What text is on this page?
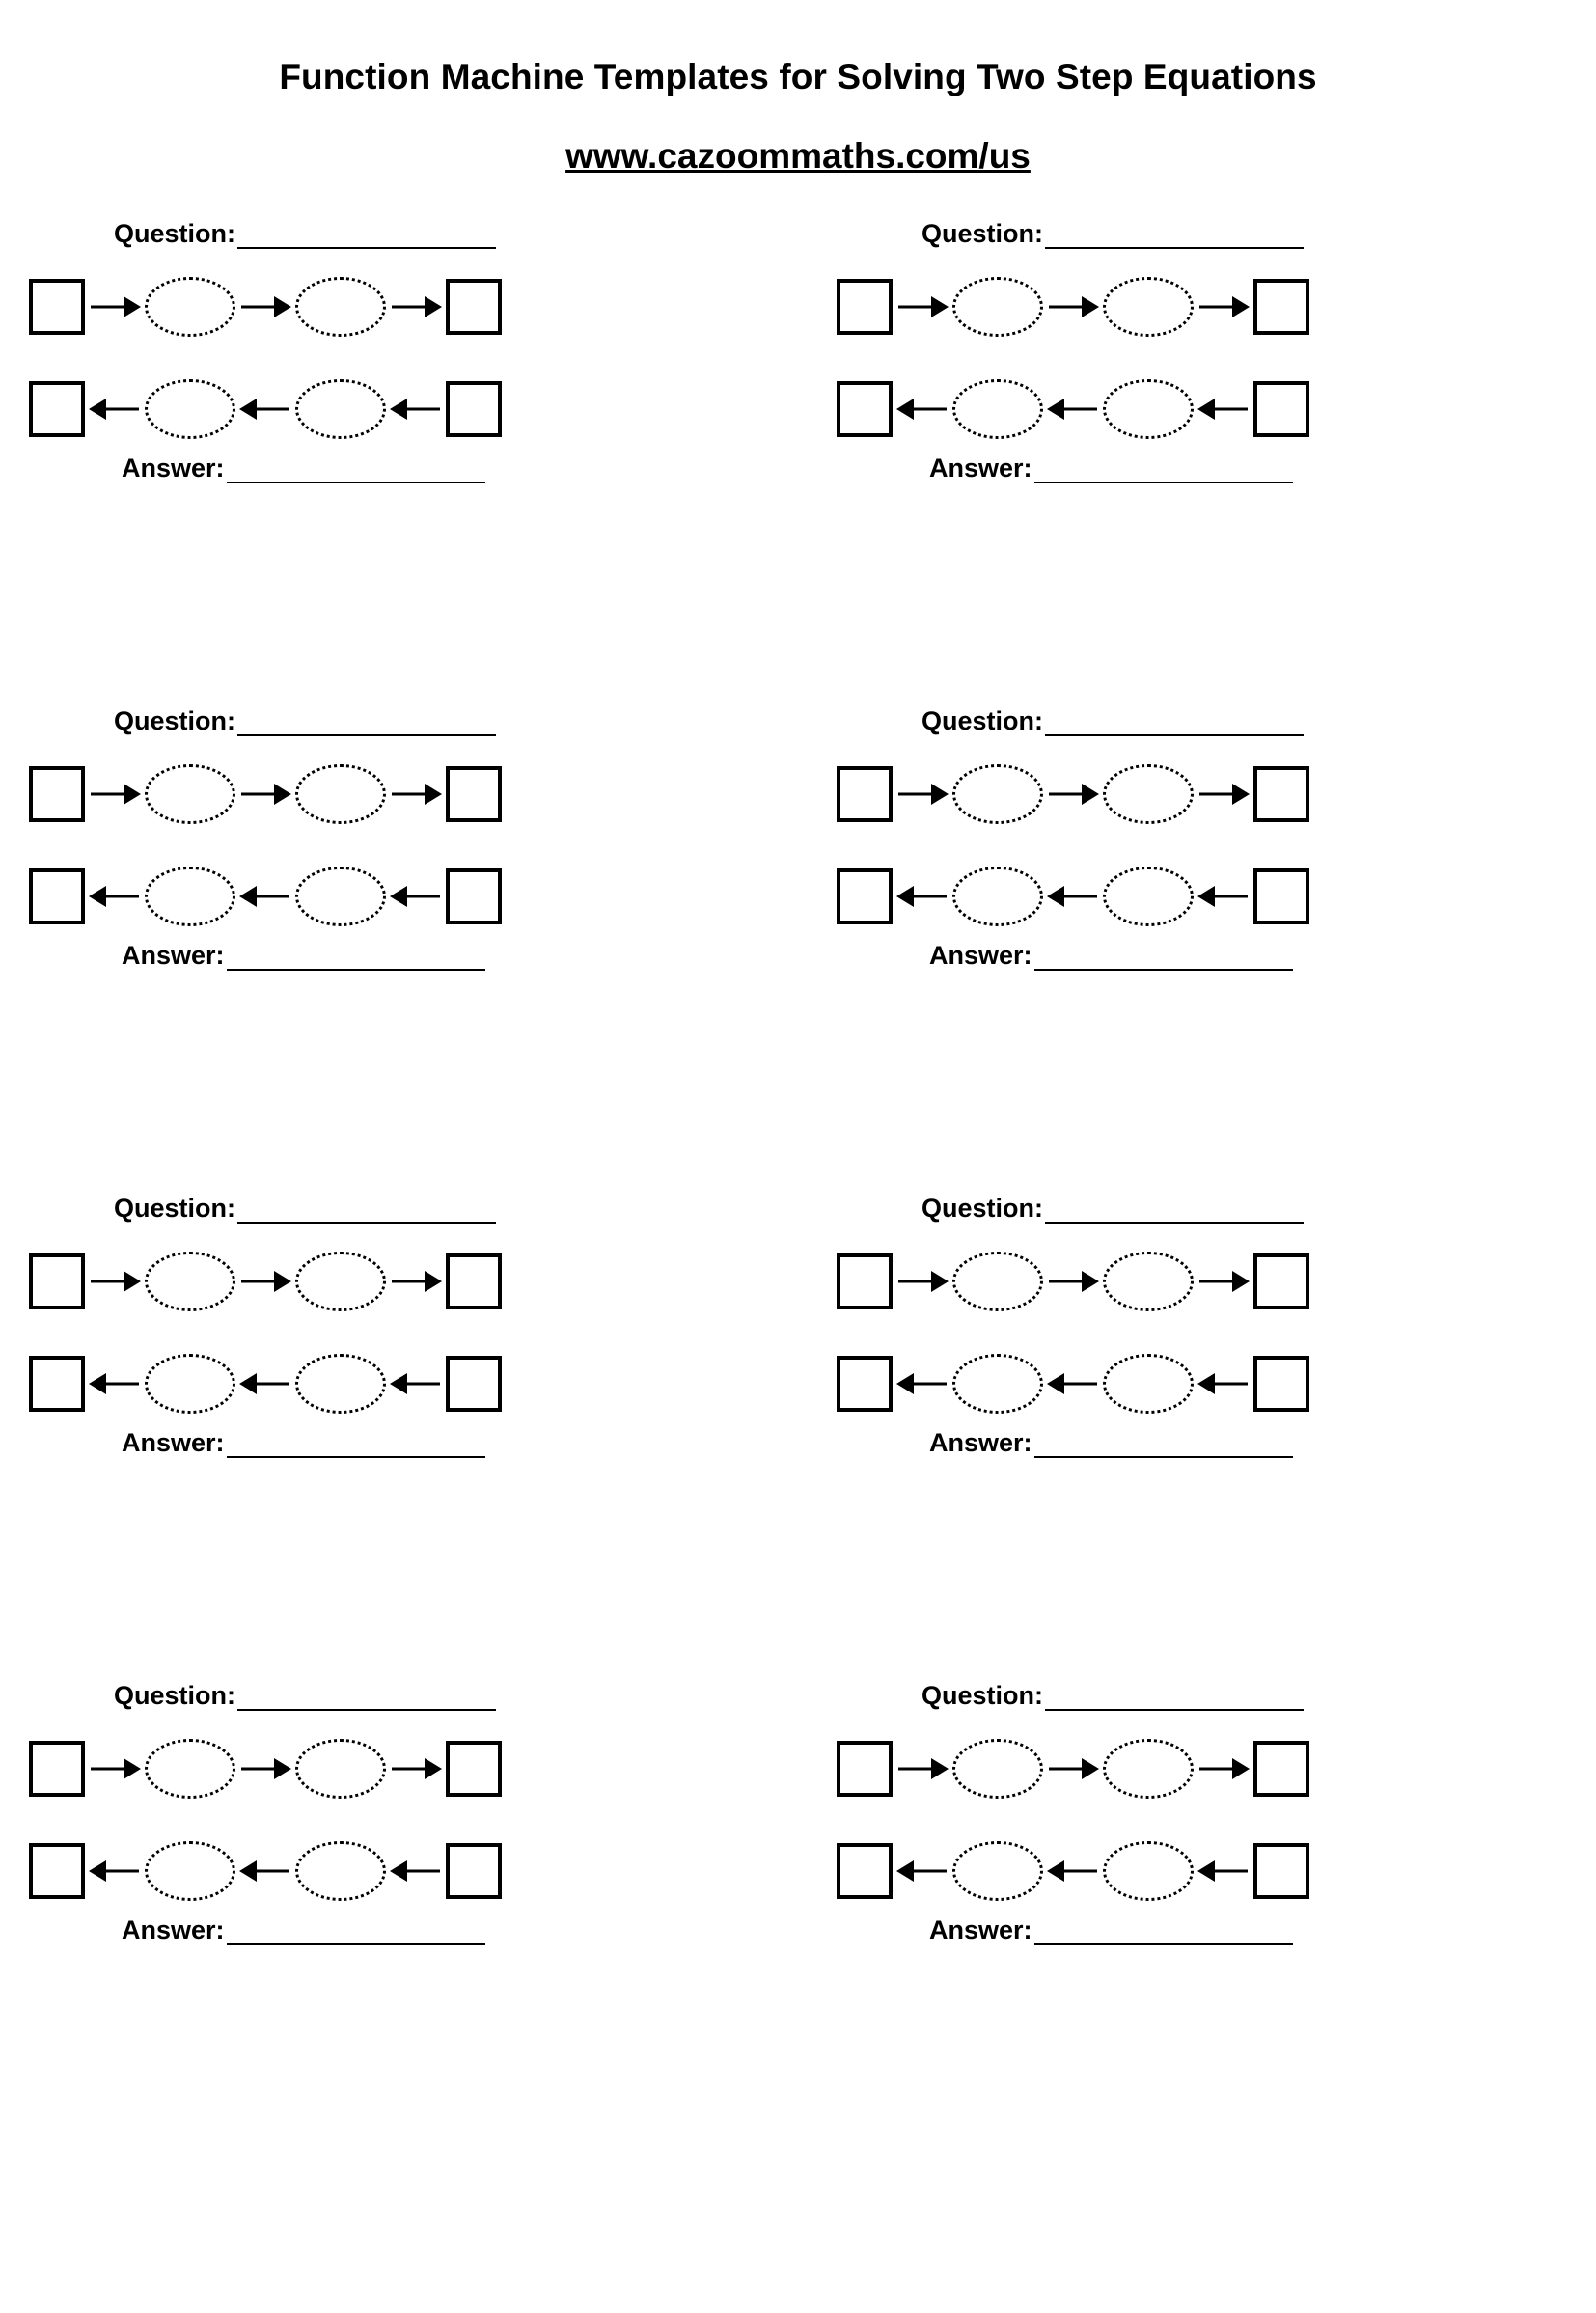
Function Machine Templates for Solving Two Step Equations
www.cazoommaths.com/us
Question:
Answer:
Question:
Answer:
Question:
Answer:
Question:
Answer:
Question:
Answer:
Question:
Answer:
Question:
Answer:
Question:
Answer:
